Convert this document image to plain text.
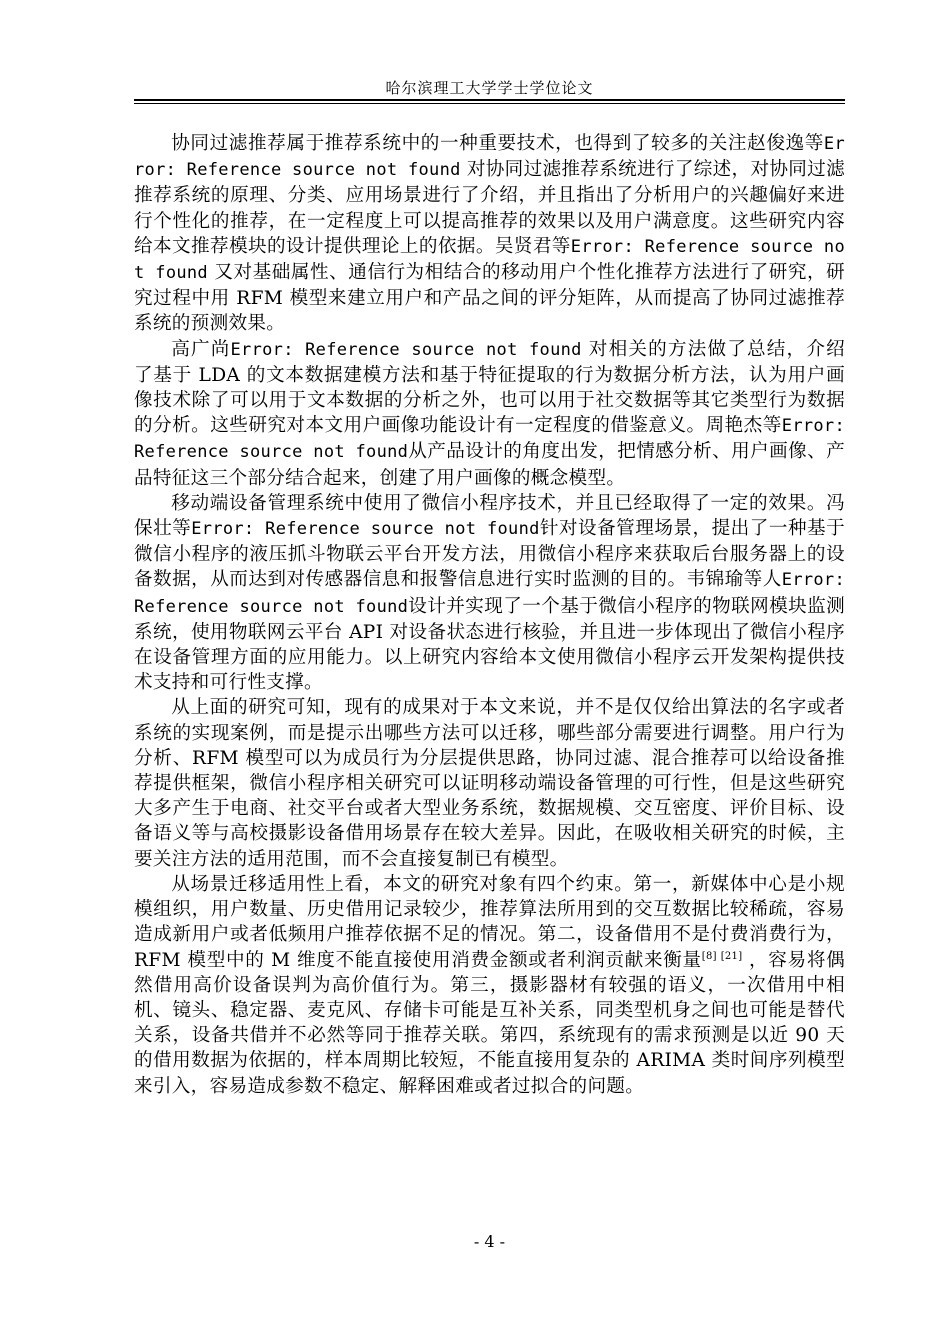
哈尔滨理工大学学士学位论文

协同过滤推荐属于推荐系统中的一种重要技术，也得到了较多的关注赵俊逸等Error: Reference source not found 对协同过滤推荐系统进行了综述，对协同过滤推荐系统的原理、分类、应用场景进行了介绍，并且指出了分析用户的兴趣偏好来进行个性化的推荐，在一定程度上可以提高推荐的效果以及用户满意度。这些研究内容给本文推荐模块的设计提供理论上的依据。吴贤君等Error: Reference source not found 又对基础属性、通信行为相结合的移动用户个性化推荐方法进行了研究，研究过程中用 RFM 模型来建立用户和产品之间的评分矩阵，从而提高了协同过滤推荐系统的预测效果。

高广尚Error: Reference source not found 对相关的方法做了总结，介绍了基于 LDA 的文本数据建模方法和基于特征提取的行为数据分析方法，认为用户画像技术除了可以用于文本数据的分析之外，也可以用于社交数据等其它类型行为数据的分析。这些研究对本文用户画像功能设计有一定程度的借鉴意义。周艳杰等Error: Reference source not found从产品设计的角度出发，把情感分析、用户画像、产品特征这三个部分结合起来，创建了用户画像的概念模型。

移动端设备管理系统中使用了微信小程序技术，并且已经取得了一定的效果。冯保壮等Error: Reference source not found针对设备管理场景，提出了一种基于微信小程序的液压抓斗物联云平台开发方法，用微信小程序来获取后台服务器上的设备数据，从而达到对传感器信息和报警信息进行实时监测的目的。韦锦瑜等人Error: Reference source not found设计并实现了一个基于微信小程序的物联网模块监测系统，使用物联网云平台 API 对设备状态进行核验，并且进一步体现出了微信小程序在设备管理方面的应用能力。以上研究内容给本文使用微信小程序云开发架构提供技术支持和可行性支撑。

从上面的研究可知，现有的成果对于本文来说，并不是仅仅给出算法的名字或者系统的实现案例，而是提示出哪些方法可以迁移，哪些部分需要进行调整。用户行为分析、RFM 模型可以为成员行为分层提供思路，协同过滤、混合推荐可以给设备推荐提供框架，微信小程序相关研究可以证明移动端设备管理的可行性，但是这些研究大多产生于电商、社交平台或者大型业务系统，数据规模、交互密度、评价目标、设备语义等与高校摄影设备借用场景存在较大差异。因此，在吸收相关研究的时候，主要关注方法的适用范围，而不会直接复制已有模型。

从场景迁移适用性上看，本文的研究对象有四个约束。第一，新媒体中心是小规模组织，用户数量、历史借用记录较少，推荐算法所用到的交互数据比较稀疏，容易造成新用户或者低频用户推荐依据不足的情况。第二，设备借用不是付费消费行为，RFM 模型中的 M 维度不能直接使用消费金额或者利润贡献来衡量[8] [21] ，容易将偶然借用高价设备误判为高价值行为。第三，摄影器材有较强的语义，一次借用中相机、镜头、稳定器、麦克风、存储卡可能是互补关系，同类型机身之间也可能是替代关系，设备共借并不必然等同于推荐关联。第四，系统现有的需求预测是以近 90 天的借用数据为依据的，样本周期比较短，不能直接用复杂的 ARIMA 类时间序列模型来引入，容易造成参数不稳定、解释困难或者过拟合的问题。

- 4 -
